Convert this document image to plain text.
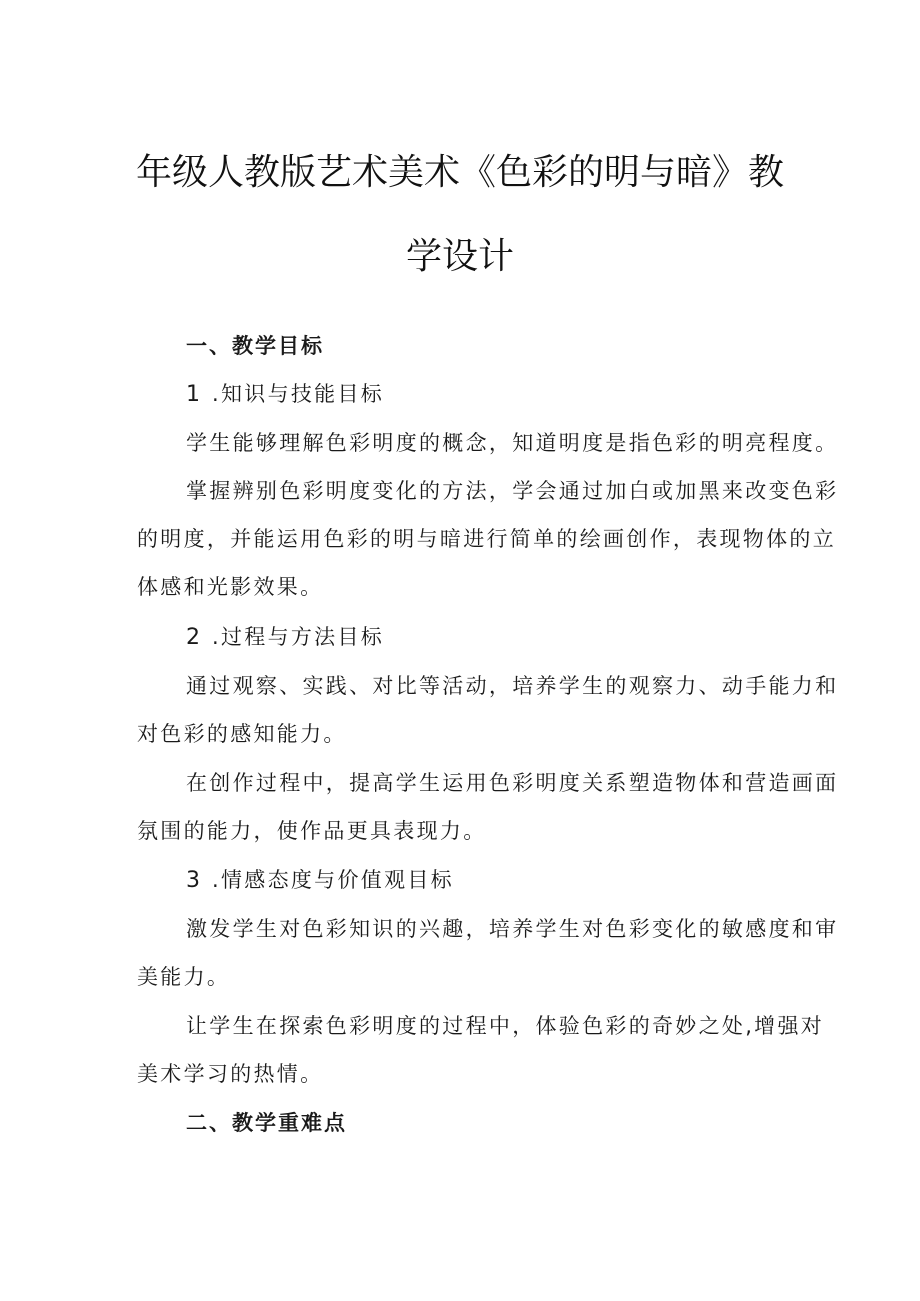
年级人教版艺术美术《色彩的明与暗》教
学设计
一、教学目标
1 .知识与技能目标
学生能够理解色彩明度的概念，知道明度是指色彩的明亮程度。
掌握辨别色彩明度变化的方法，学会通过加白或加黑来改变色彩
的明度，并能运用色彩的明与暗进行简单的绘画创作，表现物体的立
体感和光影效果。
2 .过程与方法目标
通过观察、实践、对比等活动，培养学生的观察力、动手能力和
对色彩的感知能力。
在创作过程中，提高学生运用色彩明度关系塑造物体和营造画面
氛围的能力，使作品更具表现力。
3 .情感态度与价值观目标
激发学生对色彩知识的兴趣，培养学生对色彩变化的敏感度和审
美能力。
让学生在探索色彩明度的过程中，体验色彩的奇妙之处,增强对
美术学习的热情。
二、教学重难点
